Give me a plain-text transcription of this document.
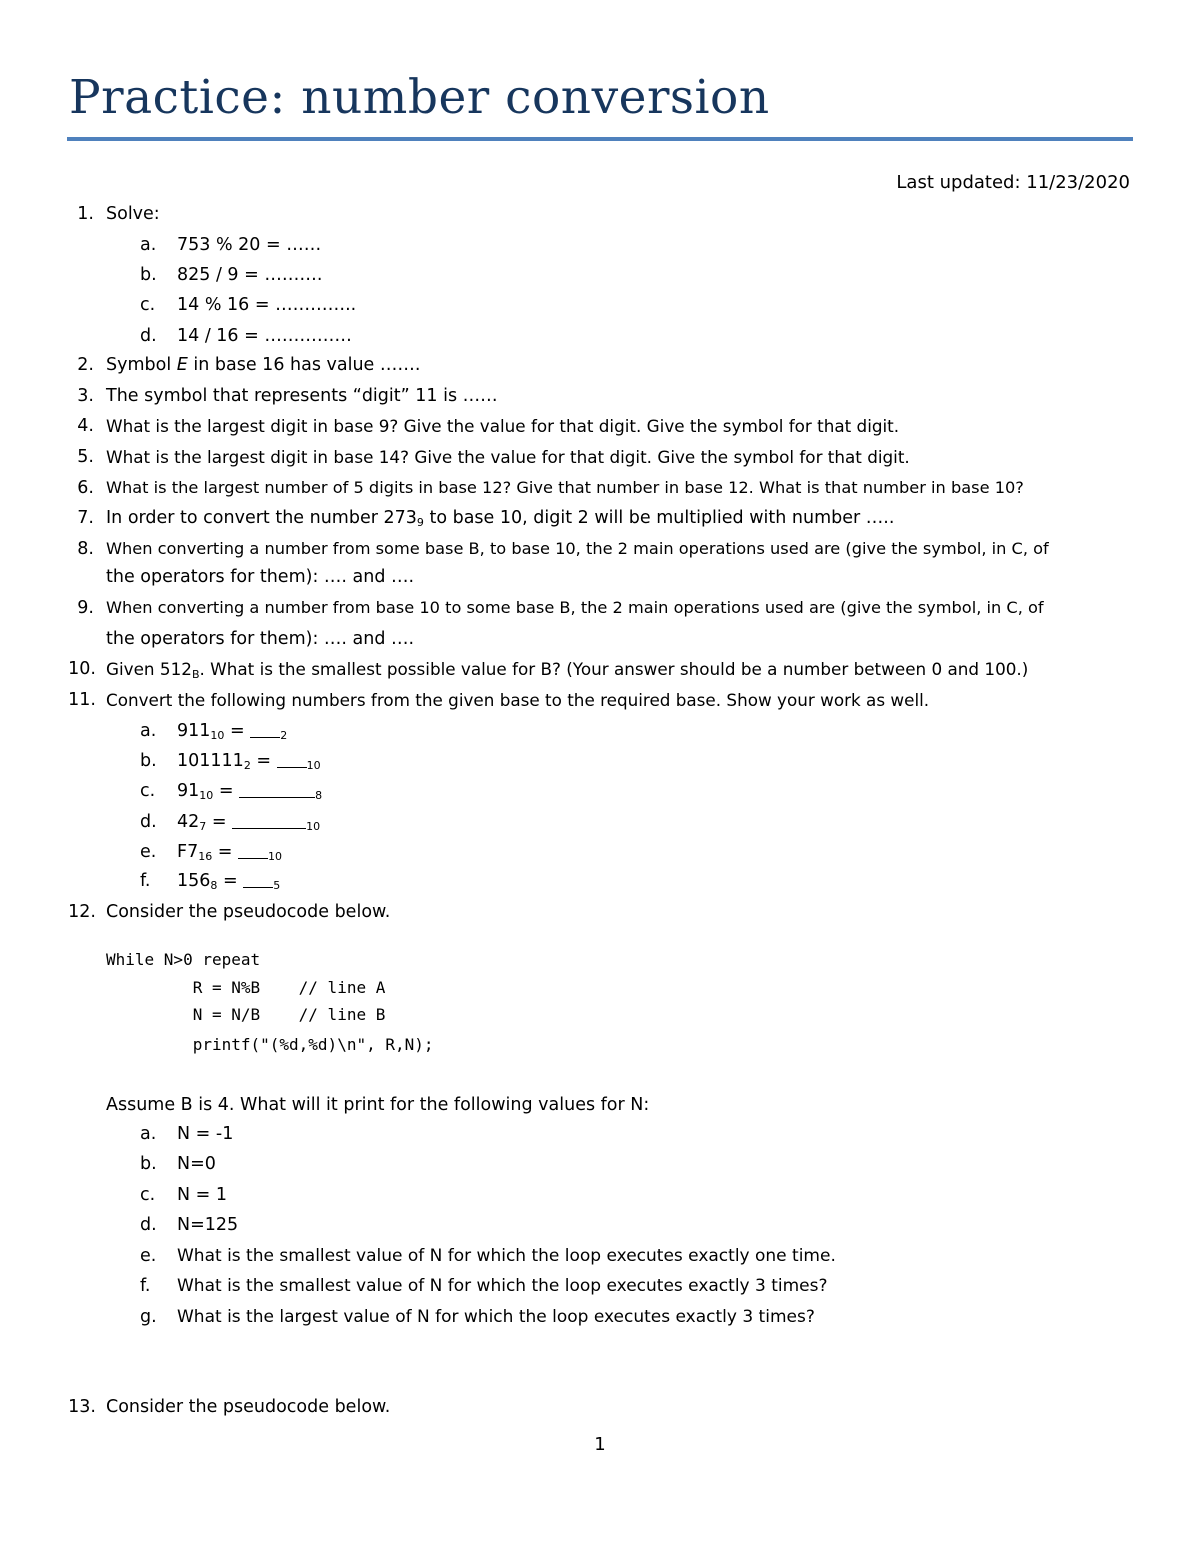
Practice: number conversion
Last updated: 11/23/2020
1. Solve:
a. 753 % 20 = ……
b. 825 / 9 = ……….
c. 14 % 16 = …………..
d. 14 / 16 = ……………
2. Symbol E in base 16 has value …….
3. The symbol that represents “digit” 11 is ……
4. What is the largest digit in base 9? Give the value for that digit. Give the symbol for that digit.
5. What is the largest digit in base 14? Give the value for that digit. Give the symbol for that digit.
6. What is the largest number of 5 digits in base 12? Give that number in base 12. What is that number in base 10?
7. In order to convert the number $273_9$ to base 10, digit 2 will be multiplied with number …..
8. When converting a number from some base B, to base 10, the 2 main operations used are (give the symbol, in C, of
the operators for them): …. and ….
9. When converting a number from base 10 to some base B, the 2 main operations used are (give the symbol, in C, of
the operators for them): …. and ….
10. Given $512_B$. What is the smallest possible value for B? (Your answer should be a number between 0 and 100.)
11. Convert the following numbers from the given base to the required base. Show your work as well.
a. $911_{10}$ =	$_2$
b. $101111_2$ =	$_{10}$
c. $91_{10}$ =	$_8$
d. $42_7$ =	$_{10}$
e. $F7_{16}$ =	$_{10}$
f.	$156_8$ =	$_5$
12. Consider the pseudocode below.
While N>0 repeat
R = N%B    // line A
N = N/B    // line B
printf("(%d,%d)\n", R,N);
Assume B is 4. What will it print for the following values for N:
a. N = -1
b. N=0
c. N = 1
d. N=125
e. What is the smallest value of N for which the loop executes exactly one time.
f.	What is the smallest value of N for which the loop executes exactly 3 times?
g. What is the largest value of N for which the loop executes exactly 3 times?
13. Consider the pseudocode below.
1
